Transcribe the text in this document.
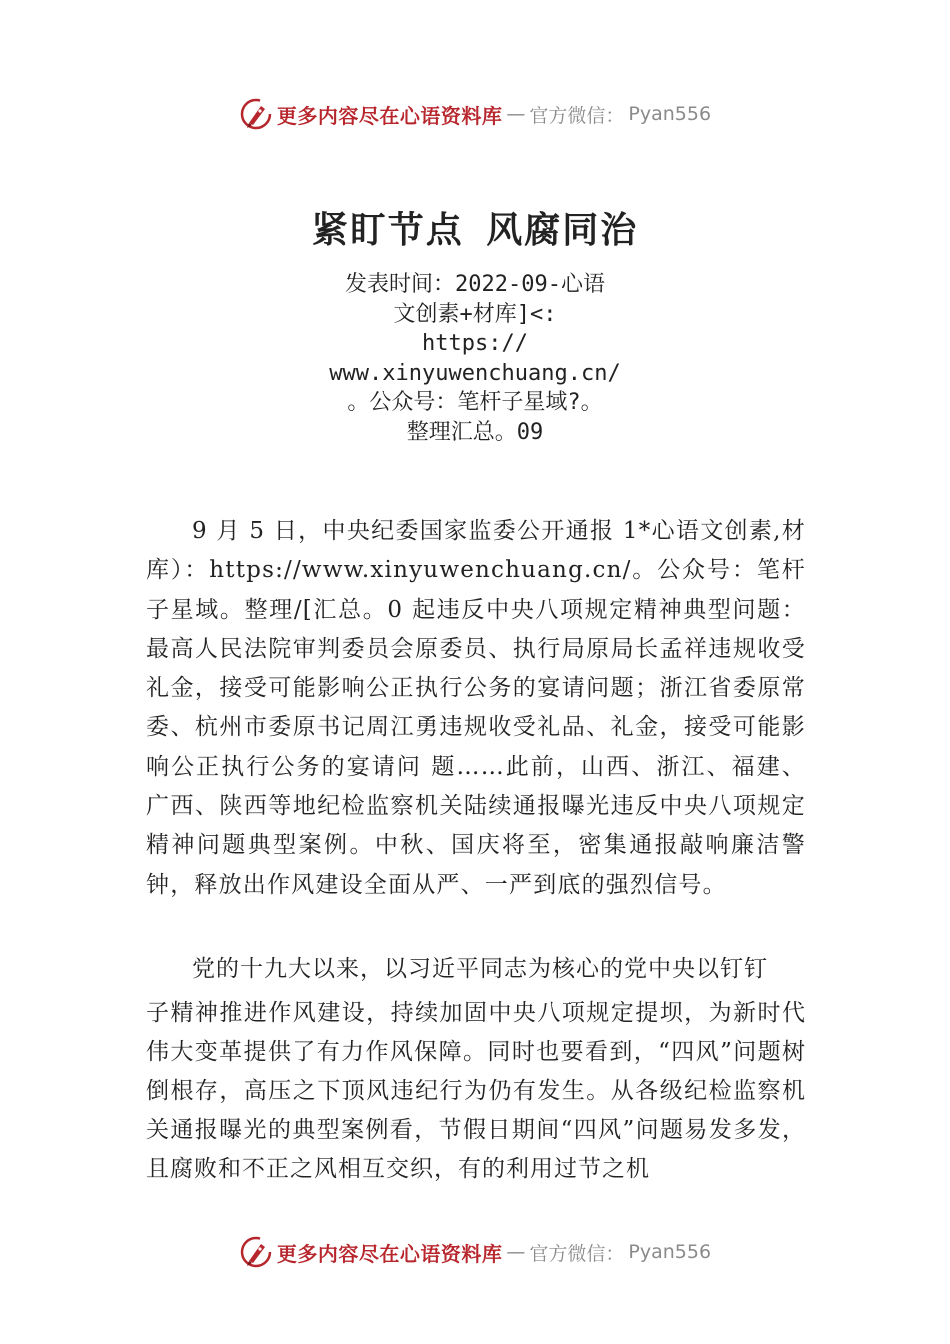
更多内容尽在心语资料库 — 官方微信： Pyan556
紧盯节点 风腐同治
发表时间：2022-09-心语
文创素+材库]<:
https://
www.xinyuwenchuang.cn/
。公众号：笔杆子星域?。
整理汇总。09
9 月 5 日，中央纪委国家监委公开通报 1*心语文创素,材库）：https://www.xinyuwenchuang.cn/。公众号：笔杆子星域。整理/[汇总。0 起违反中央八项规定精神典型问题：最高人民法院审判委员会原委员、执行局原局长孟祥违规收受礼金，接受可能影响公正执行公务的宴请问题；浙江省委原常委、杭州市委原书记周江勇违规收受礼品、礼金，接受可能影响公正执行公务的宴请问 题……此前，山西、浙江、福建、广西、陕西等地纪检监察机关陆续通报曝光违反中央八项规定精神问题典型案例。中秋、国庆将至，密集通报敲响廉洁警钟，释放出作风建设全面从严、一严到底的强烈信号。
党的十九大以来，以习近平同志为核心的党中央以钉钉
子精神推进作风建设，持续加固中央八项规定提坝，为新时代伟大变革提供了有力作风保障。同时也要看到，“四风”问题树倒根存，高压之下顶风违纪行为仍有发生。从各级纪检监察机关通报曝光的典型案例看，节假日期间“四风”问题易发多发，且腐败和不正之风相互交织，有的利用过节之机
更多内容尽在心语资料库 — 官方微信： Pyan556
